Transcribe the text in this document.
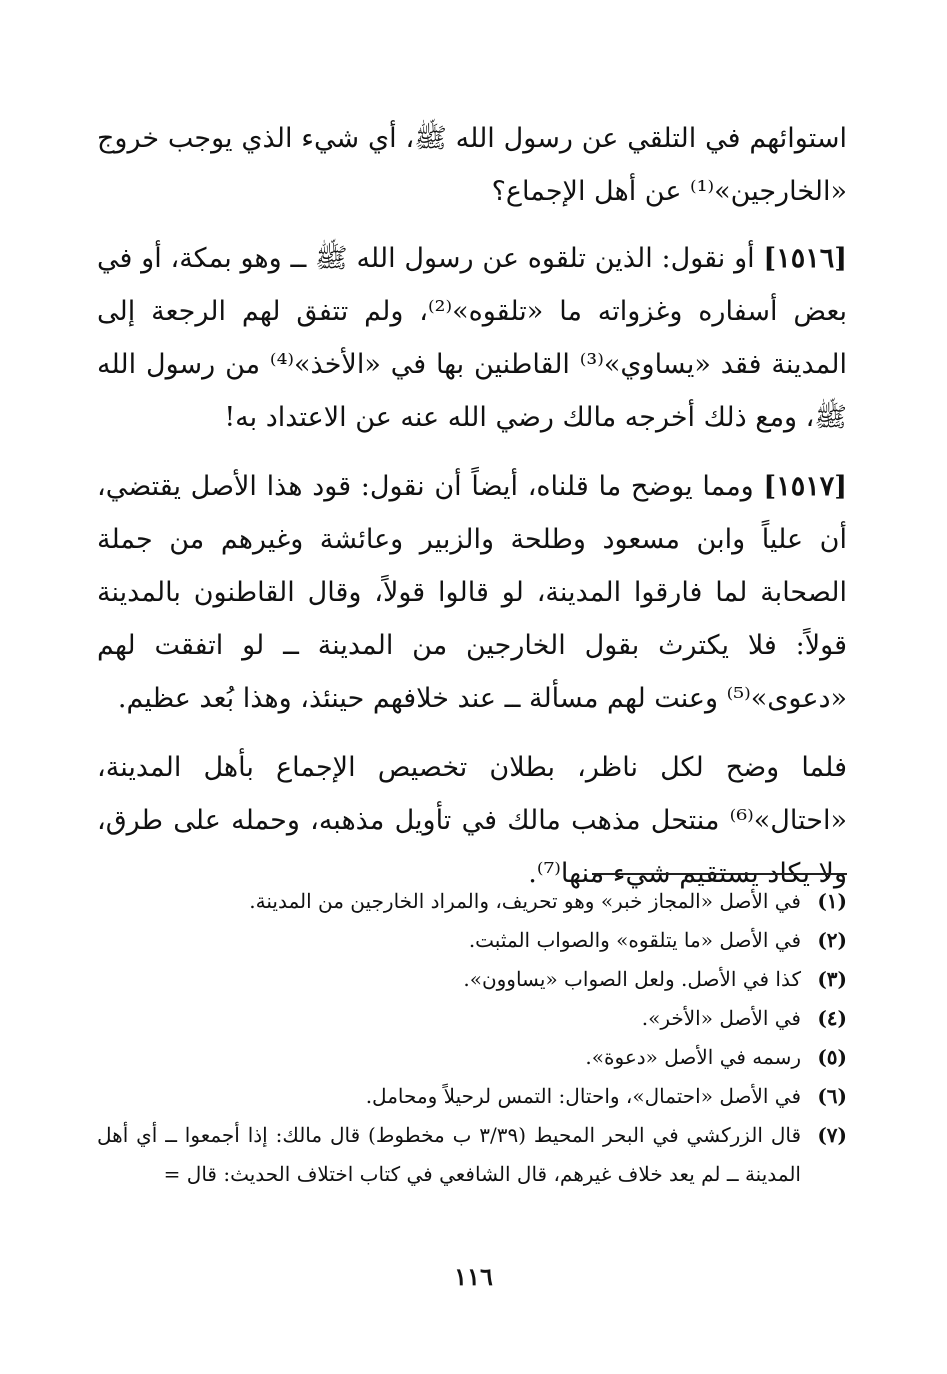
استوائهم في التلقي عن رسول الله ﷺ، أي شيء الذي يوجب خروج «الخارجين»⁽¹⁾ عن أهل الإجماع؟

[١٥١٦] أو نقول: الذين تلقوه عن رسول الله ﷺ ــ وهو بمكة، أو في بعض أسفاره وغزواته ما «تلقوه»⁽²⁾، ولم تتفق لهم الرجعة إلى المدينة فقد «يساوي»⁽³⁾ القاطنين بها في «الأخذ»⁽⁴⁾ من رسول الله ﷺ، ومع ذلك أخرجه مالك رضي الله عنه عن الاعتداد به!

[١٥١٧] ومما يوضح ما قلناه، أيضاً أن نقول: قود هذا الأصل يقتضي، أن علياً وابن مسعود وطلحة والزبير وعائشة وغيرهم من جملة الصحابة لما فارقوا المدينة، لو قالوا قولاً، وقال القاطنون بالمدينة قولاً: فلا يكترث بقول الخارجين من المدينة ــ لو اتفقت لهم «دعوى»⁽⁵⁾ وعنت لهم مسألة ــ عند خلافهم حينئذ، وهذا بُعد عظيم.

فلما وضح لكل ناظر، بطلان تخصيص الإجماع بأهل المدينة، «احتال»⁽⁶⁾ منتحل مذهب مالك في تأويل مذهبه، وحمله على طرق، ولا يكاد يستقيم شيء منها⁽⁷⁾.

(١)
في الأصل «المجاز خبر» وهو تحريف، والمراد الخارجين من المدينة.
(٢)
في الأصل «ما يتلقوه» والصواب المثبت.
(٣)
كذا في الأصل. ولعل الصواب «يساوون».
(٤)
في الأصل «الأخر».
(٥)
رسمه في الأصل «دعوة».
(٦)
في الأصل «احتمال»، واحتال: التمس لرحيلاً ومحامل.
(٧)
قال الزركشي في البحر المحيط (٣/٣٩ ب مخطوط) قال مالك: إذا أجمعوا ــ أي أهل المدينة ــ لم يعد خلاف غيرهم، قال الشافعي في كتاب اختلاف الحديث: قال =
١١٦
